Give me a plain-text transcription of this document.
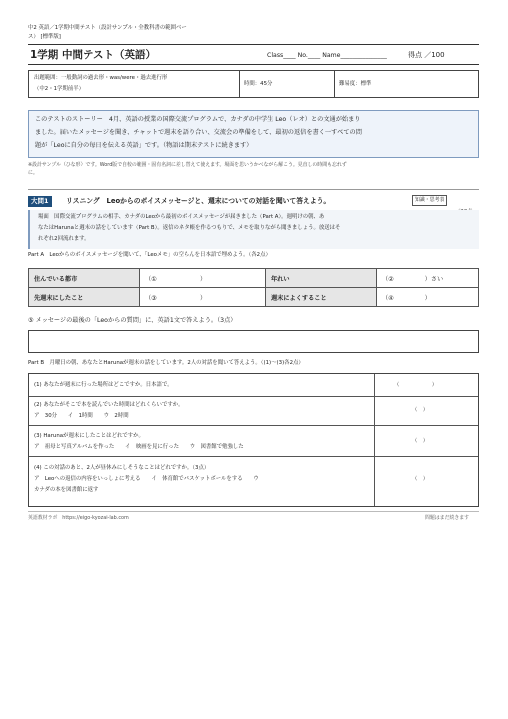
中2 英語／1学期中間テスト（設計サンプル・全教科書の範囲ベー
ス） [標準版]
1学期 中間テスト（英語）	Class____ No.____ Name_______________	得点 ／100
出題範囲：一般動詞の過去形・was/were・過去進行形
（中2・1学期前半）
時間：45分	難易度：標準
このテストのストーリー　4月、英語の授業の国際交流プログラムで、カナダの中学生 Leo（レオ）との文通が始まり
ました。届いたメッセージを聞き、チャットで週末を語り合い、交流会の準備をして、最初の返信を書く一すべての問
題が「Leoに自分の毎日を伝える英語」です。（物語は期末テストに続きます）
※設計サンプル（ひな形）です。Word版で自校の範囲・固有名詞に差し替えて使えます。場面を思いうかべながら解こう。見直しの時間も忘れず
に。
大問1	リスニング　Leoからのボイスメッセージと、週末についての対話を聞いて答えよう。	知識・思考表
場面　国際交流プログラムの相手、カナダのLeoから最初のボイスメッセージが届きました（Part A）。週明けの朝、あ
なたはHarunaと週末の話をしています（Part B）。返信のネタ帳を作るつもりで、メモを取りながら聞きましょう。放送はそ
れぞれ2回流れます。
Part A　Leoからのボイスメッセージを聞いて、「Leoメモ」の空らんを日本語で埋めよう。（各2点）
住んでいる都市	（①　　　　　　　）	年れい	（②　　　　　）さい
先週末にしたこと	（③　　　　　　　）	週末によくすること	（④　　　　　）
⑤ メッセージの最後の「Leoからの質問」に、英語1文で答えよう。（3点）
Part B　月曜日の朝、あなたとHarunaが週末の話をしています。2人の対話を聞いて答えよう。（(1)～(3)各2点）
(1) あなたが週末に行った場所はどこですか。日本語で。	（　　　　　　）
(2) あなたがそこで本を読んでいた時間はどれくらいですか。
ア　30分　　イ　1時間　　ウ　2時間
（　）
(3) Harunaが週末にしたことはどれですか。
ア　祖母と写真アルバムを作った　　イ　映画を見に行った　　ウ　図書館で勉強した
（　）
(4) この対話のあと、2人が昼休みにしそうなことはどれですか。（3点）
ア　Leoへの返信の内容をいっしょに考える　　イ　体育館でバスケットボールをする　　ウ
カナダの本を図書館に返す
（　）
英語教材ラボ　https://eigo-kyozai-lab.com	問題はまだ続きます
